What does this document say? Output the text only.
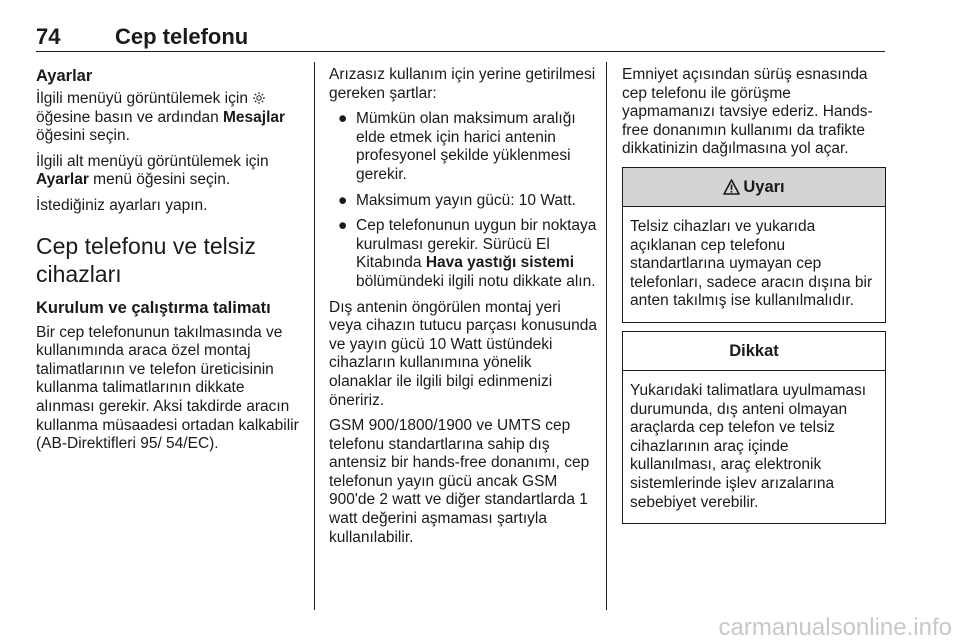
74 Cep telefonu
Ayarlar

İlgili menüyü görüntülemek için  öğesine basın ve ardından Mesajlar öğesini seçin.

İlgili alt menüyü görüntülemek için Ayarlar menü öğesini seçin.

İstediğiniz ayarları yapın.

Cep telefonu ve telsiz cihazları
Kurulum ve çalıştırma talimatı

Bir cep telefonunun takılmasında ve kullanımında araca özel montaj talimatlarının ve telefon üreticisinin kullanma talimatlarının dikkate alınması gerekir. Aksi takdirde aracın kullanma müsaadesi ortadan kalkabilir (AB-Direktifleri 95/ 54/EC).

Arızasız kullanım için yerine getirilmesi gereken şartlar:

● Mümkün olan maksimum aralığı elde etmek için harici antenin profesyonel şekilde yüklenmesi gerekir.
● Maksimum yayın gücü: 10 Watt.
● Cep telefonunun uygun bir noktaya kurulması gerekir. Sürücü El Kitabında Hava yastığı sistemi bölümündeki ilgili notu dikkate alın.

Dış antenin öngörülen montaj yeri veya cihazın tutucu parçası konusunda ve yayın gücü 10 Watt üstündeki cihazların kullanımına yönelik olanaklar ile ilgili bilgi edinmenizi öneririz.

GSM 900/1800/1900 ve UMTS cep telefonu standartlarına sahip dış antensiz bir hands-free donanımı, cep telefonun yayın gücü ancak GSM 900'de 2 watt ve diğer standartlarda 1 watt değerini aşmaması şartıyla kullanılabilir.

Emniyet açısından sürüş esnasında cep telefonu ile görüşme yapmamanızı tavsiye ederiz. Hands-free donanımın kullanımı da trafikte dikkatinizin dağılmasına yol açar.

Uyarı
Telsiz cihazları ve yukarıda açıklanan cep telefonu standartlarına uymayan cep telefonları, sadece aracın dışına bir anten takılmış ise kullanılmalıdır.
Dikkat
Yukarıdaki talimatlara uyulmaması durumunda, dış anteni olmayan araçlarda cep telefon ve telsiz cihazlarının araç içinde kullanılması, araç elektronik sistemlerinde işlev arızalarına sebebiyet verebilir.
carmanualsonline.info
